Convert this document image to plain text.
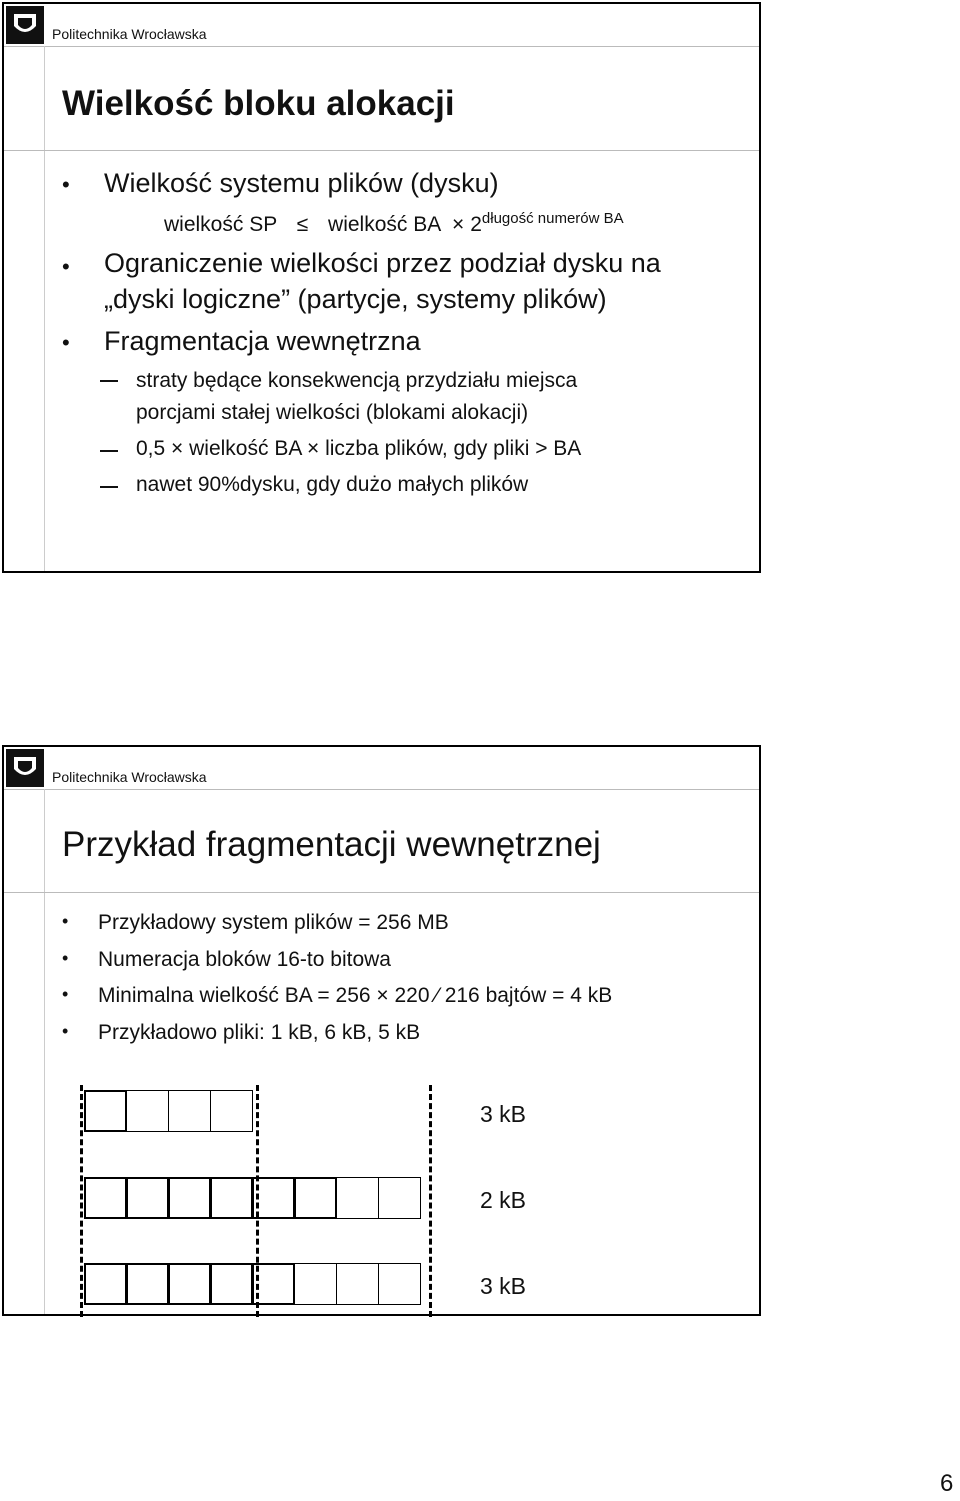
Politechnika Wrocławska
Wielkość bloku alokacji
• Wielkość systemu plików (dysku)
wielkość SP ≤ wielkość BA × $2^{długość numerów BA}$
• Ograniczenie wielkości przez podział dysku na
„dyski logiczne” (partycje, systemy plików)
• Fragmentacja wewnętrzna
straty będące konsekwencją przydziału miejsca
porcjami stałej wielkości (blokami alokacji)
0,5 × wielkość BA × liczba plików, gdy pliki > BA
nawet 90%dysku, gdy dużo małych plików
Politechnika Wrocławska
Przykład fragmentacji wewnętrznej
• Przykładowy system plików = 256 MB
• Numeracja bloków 16-to bitowa
• Minimalna wielkość BA = 256 × 220 ⁄ 216 bajtów = 4 kB
• Przykładowo pliki: 1 kB, 6 kB, 5 kB
3 kB
2 kB
3 kB
6
